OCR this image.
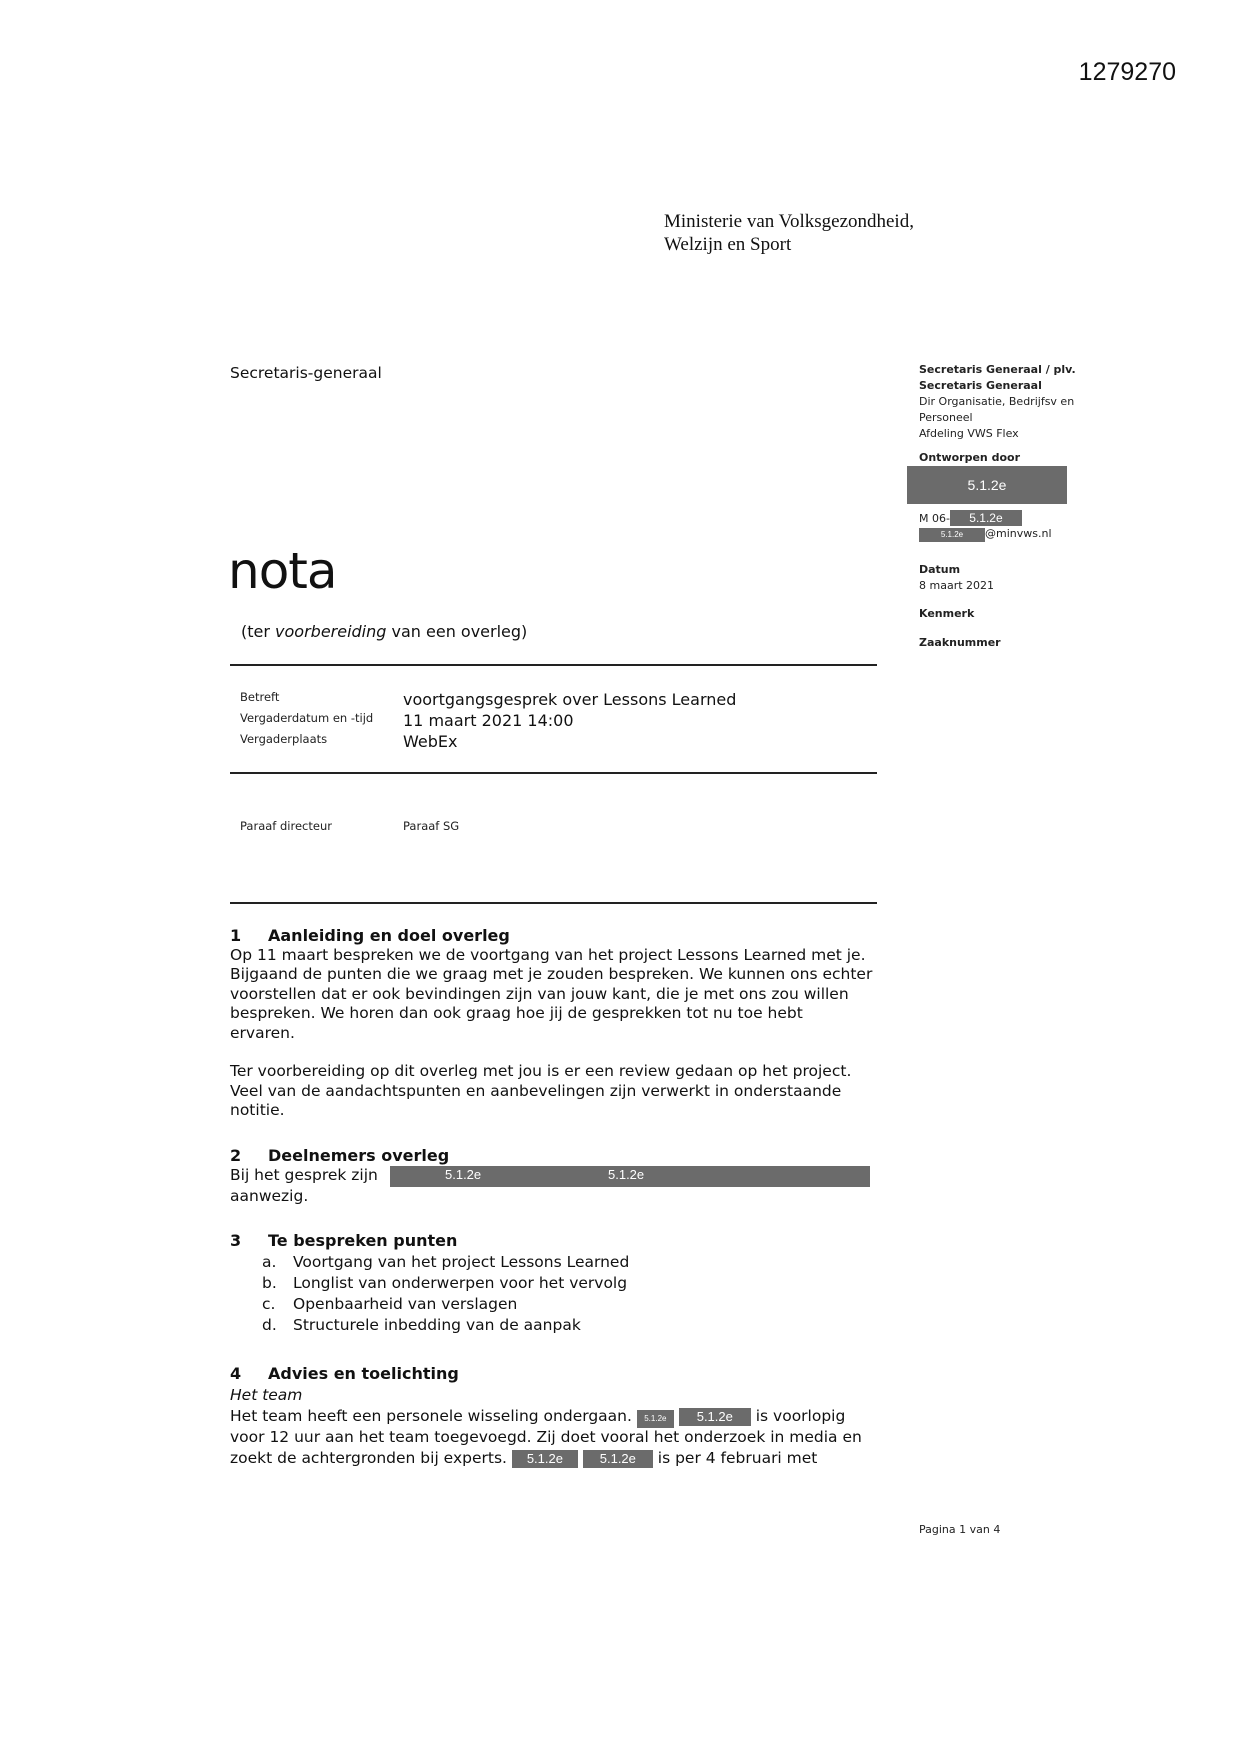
1279270
Ministerie van Volksgezondheid,
Welzijn en Sport
Secretaris-generaal	Secretaris Generaal / plv.
Secretaris Generaal
Dir Organisatie, Bedrijfsv en
Personeel
Afdeling VWS Flex
Ontworpen door
5.1.2e
M 06- 5.1.2e
5.1.2e @minvws.nl
Datum
8 maart 2021
Kenmerk
Zaaknummer
nota
(ter voorbereiding van een overleg)
Betreft	voortgangsgesprek over Lessons Learned
Vergaderdatum en -tijd 11 maart 2021 14:00
Vergaderplaats	WebEx
Paraaf directeur	Paraaf SG
1 Aanleiding en doel overleg
Op 11 maart bespreken we de voortgang van het project Lessons Learned met je.
Bijgaand de punten die we graag met je zouden bespreken. We kunnen ons echter
voorstellen dat er ook bevindingen zijn van jouw kant, die je met ons zou willen
bespreken. We horen dan ook graag hoe jij de gesprekken tot nu toe hebt
ervaren.
Ter voorbereiding op dit overleg met jou is er een review gedaan op het project.
Veel van de aandachtspunten en aanbevelingen zijn verwerkt in onderstaande
notitie.
2 Deelnemers overleg
Bij het gesprek zijn	5.1.2e	5.1.2e
aanwezig.
3 Te bespreken punten
a. Voortgang van het project Lessons Learned
b. Longlist van onderwerpen voor het vervolg
c. Openbaarheid van verslagen
d. Structurele inbedding van de aanpak
4 Advies en toelichting
Het team
Het team heeft een personele wisseling ondergaan. 5.1.2e 5.1.2e is voorlopig
voor 12 uur aan het team toegevoegd. Zij doet vooral het onderzoek in media en
zoekt de achtergronden bij experts. 5.1.2e	5.1.2e is per 4 februari met
Pagina 1 van 4
